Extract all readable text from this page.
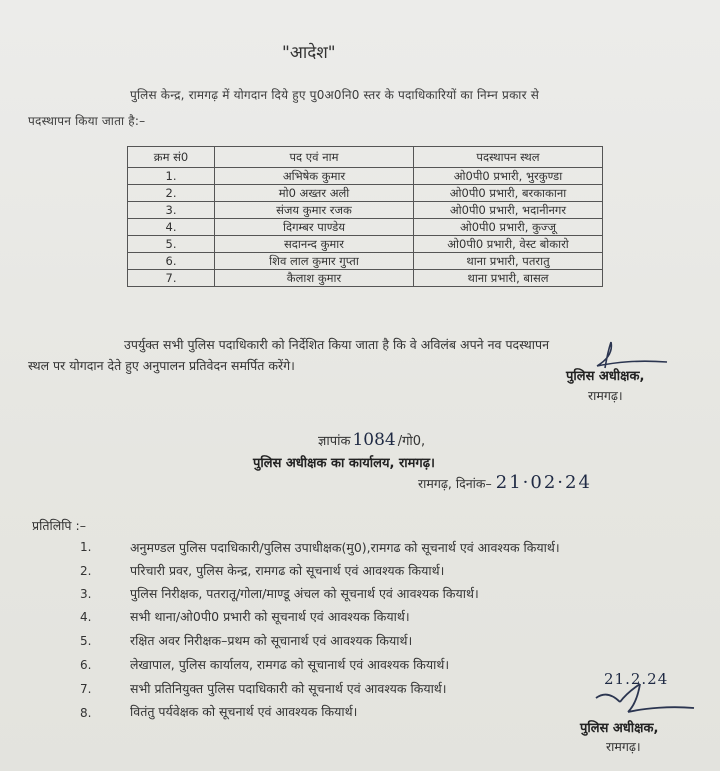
"आदेश"
पुलिस केन्द्र, रामगढ़ में योगदान दिये हुए पु0अ0नि0 स्तर के पदाधिकारियों का निम्न प्रकार से
पदस्थापन किया जाता है:–
क्रम सं0	पद एवं नाम	पदस्थापन स्थल
1.	अभिषेक कुमार	ओ0पी0 प्रभारी, भुरकुण्डा
2.	मो0 अख्तर अली	ओ0पी0 प्रभारी, बरकाकाना
3.	संजय कुमार रजक	ओ0पी0 प्रभारी, भदानीनगर
4.	दिगम्बर पाण्डेय	ओ0पी0 प्रभारी, कुज्जू
5.	सदानन्द कुमार	ओ0पी0 प्रभारी, वेस्ट बोकारो
6.	शिव लाल कुमार गुप्ता	थाना प्रभारी, पतरातु
7.	कैलाश कुमार	थाना प्रभारी, बासल
उपर्युक्त सभी पुलिस पदाधिकारी को निर्देशित किया जाता है कि वे अविलंब अपने नव पदस्थापन
स्थल पर योगदान देते हुए अनुपालन प्रतिवेदन समर्पित करेंगे।
पुलिस अधीक्षक,
रामगढ़।
ज्ञापांक 1084 /गो0,
पुलिस अधीक्षक का कार्यालय, रामगढ़।
रामगढ़, दिनांक– 21·02·24
प्रतिलिपि :–
1.	अनुमण्डल पुलिस पदाधिकारी/पुलिस उपाधीक्षक(मु0),रामगढ को सूचनार्थ एवं आवश्यक कियार्थ।
2.	परिचारी प्रवर, पुलिस केन्द्र, रामगढ को सूचनार्थ एवं आवश्यक कियार्थ।
3.	पुलिस निरीक्षक, पतरातू/गोला/माण्डू अंचल को सूचनार्थ एवं आवश्यक कियार्थ।
4.	सभी थाना/ओ0पी0 प्रभारी को सूचनार्थ एवं आवश्यक कियार्थ।
5.	रक्षित अवर निरीक्षक–प्रथम को सूचानार्थ एवं आवश्यक कियार्थ।
6.	लेखापाल, पुलिस कार्यालय, रामगढ को सूचानार्थ एवं आवश्यक कियार्थ।
7.	सभी प्रतिनियुक्त पुलिस पदाधिकारी को सूचनार्थ एवं आवश्यक कियार्थ।
8.	वितंतु पर्यवेक्षक को सूचनार्थ एवं आवश्यक कियार्थ।
21.2.24
पुलिस अधीक्षक,
रामगढ़।
